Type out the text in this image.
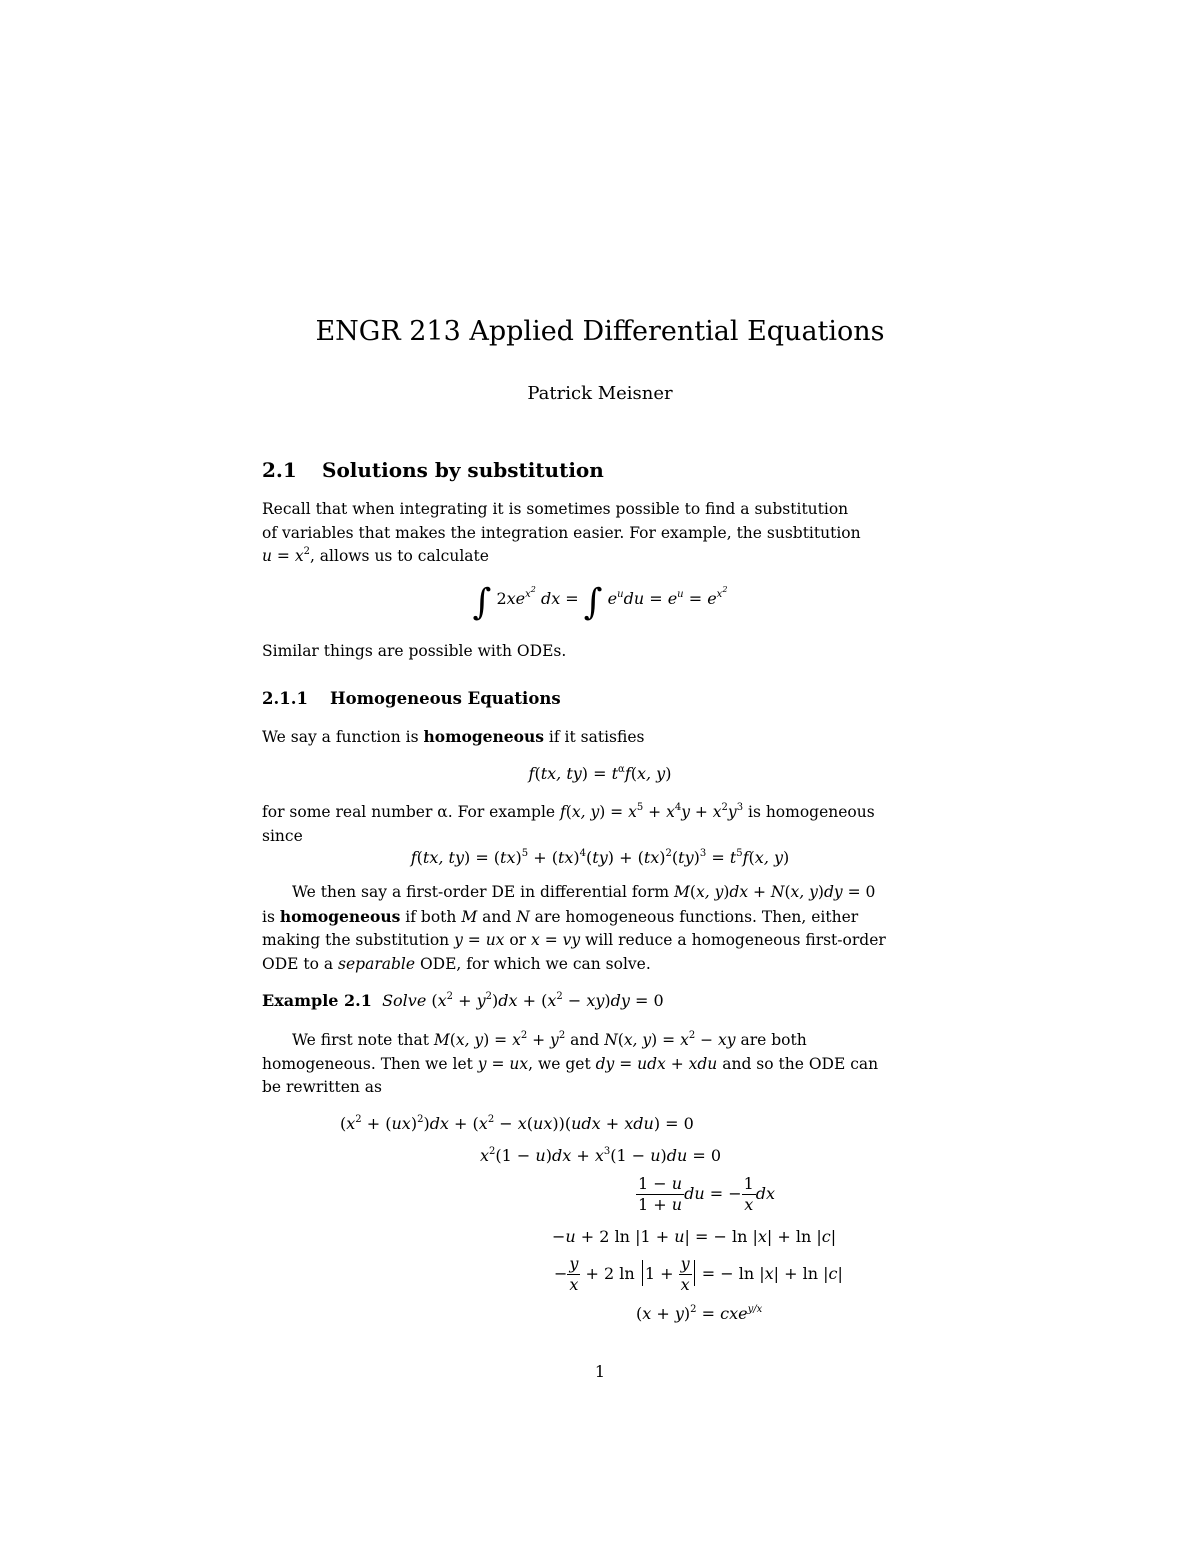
ENGR 213 Applied Differential Equations
Patrick Meisner
2.1 Solutions by substitution
Recall that when integrating it is sometimes possible to find a substitution
of variables that makes the integration easier. For example, the susbtitution
$u = x^2$, allows us to calculate
∫ $2xe^{x^2}$ dx = ∫ $e^udu = e^u = e^{x^2}$
Similar things are possible with ODEs.
2.1.1 Homogeneous Equations
We say a function is homogeneous if it satisfies
f(tx, $ty) = t^\alpha f(x$, y)
for some real number α. For example f(x, $y) = x^5 + x^4y + x^2y^3$ is homogeneous
since
f(tx, $ty) = (tx)^5 + (tx)^4(ty) + (tx)^2(ty)^3 = t^5f(x$, y)
We then say a first-order DE in differential form M(x, y)dx + N(x, y)dy = 0
is homogeneous if both M and N are homogeneous functions. Then, either
making the substitution y = ux or x = vy will reduce a homogeneous first-order
ODE to a separable ODE, for which we can solve.
Example 2.1 Solve $(x^2 + y^2)dx + (x^2 - xy)dy = 0$
We first note that M(x, $y) = x^2 + y^2$ and N(x, $y) = x^2$ − xy are both
homogeneous. Then we let y = ux, we get dy = udx + xdu and so the ODE can
be rewritten as
$(x^2 + (ux)^2)dx + (x^2 - x(ux))(udx + xdu) = 0$
$x^2(1 - u)dx + x^3(1 - u)du = 0$
$\frac{1 - u}{1 + u}$ du = − $\frac{1}{x}$ dx
−u + 2 ln |1 + u| = − ln |x| + ln |c|
− $\frac{y}{x} + 2$ $\ln 1 + \frac{y}{x}$ = − ln |x| + ln |c|
$(x + y)^2 = cxe^{y/x}$
1
